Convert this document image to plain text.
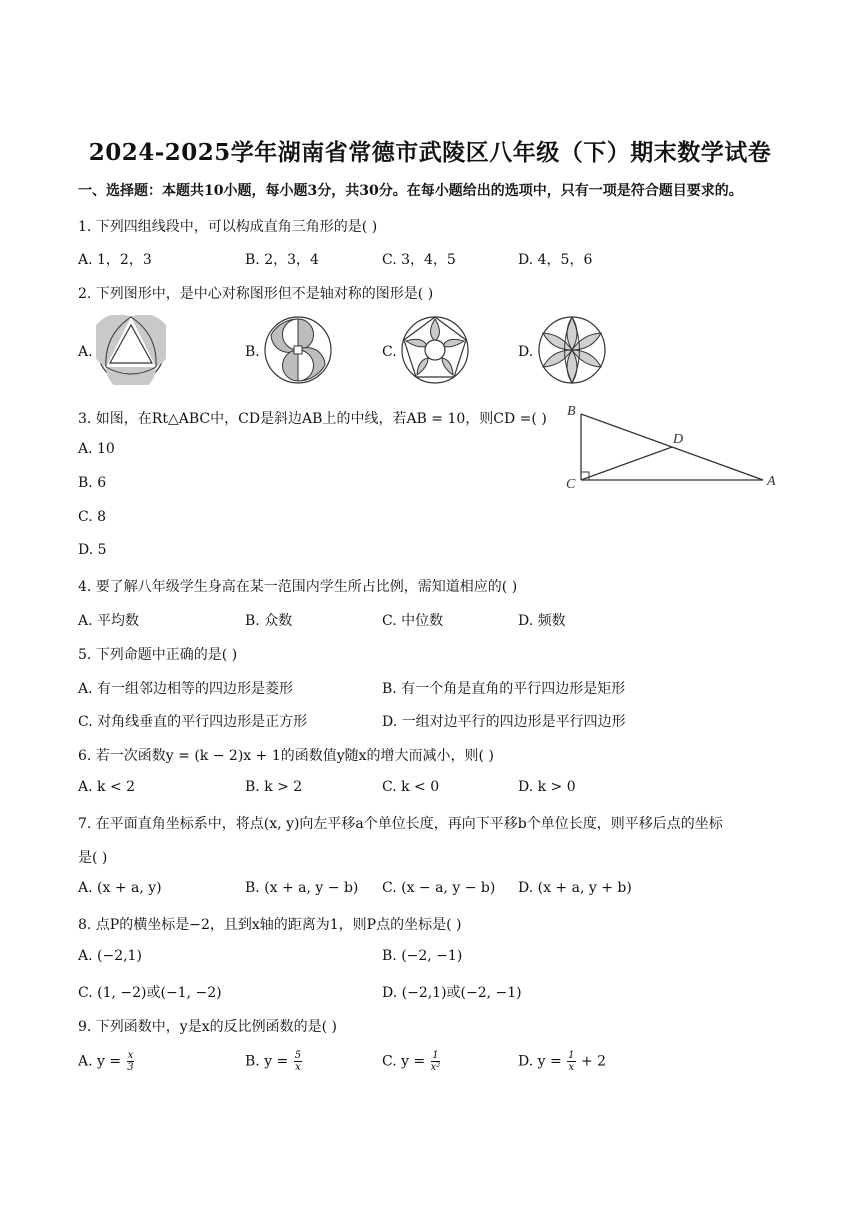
2024-2025学年湖南省常德市武陵区八年级（下）期末数学试卷
一、选择题：本题共10小题，每小题3分，共30分。在每小题给出的选项中，只有一项是符合题目要求的。
1. 下列四组线段中，可以构成直角三角形的是( )
A. 1，2，3	B. 2，3，4	C. 3，4，5	D. 4，5，6
2. 下列图形中，是中心对称图形但不是轴对称的图形是( )
A.	B.	C.	D.
3. 如图，在Rt△ABC中，CD是斜边AB上的中线，若AB = 10，则CD =( )
A. 10
B. 6
C. 8
D. 5
B
D
C	A
4. 要了解八年级学生身高在某一范围内学生所占比例，需知道相应的( )
A. 平均数	B. 众数	C. 中位数	D. 频数
5. 下列命题中正确的是( )
A. 有一组邻边相等的四边形是菱形	B. 有一个角是直角的平行四边形是矩形
C. 对角线垂直的平行四边形是正方形	D. 一组对边平行的四边形是平行四边形
6. 若一次函数y = (k − 2)x + 1的函数值y随x的增大而减小，则( )
A. k < 2	B. k > 2	C. k < 0	D. k > 0
7. 在平面直角坐标系中，将点(x, y)向左平移a个单位长度，再向下平移b个单位长度，则平移后点的坐标
是( )
A. (x + a, y)	B. (x + a, y − b) C. (x − a, y − b) D. (x + a, y + b)
8. 点P的横坐标是−2，且到x轴的距离为1，则P点的坐标是( )
A. (−2,1)	B. (−2, −1)
C. (1, −2)或(−1, −2)	D. (−2,1)或(−2, −1)
9. 下列函数中，y是x的反比例函数的是( )
A. $y = \frac{x}{3}$	B. $y = \frac{5}{x}$	C. $y = \frac{1}{\text{x²}}$	D. $y = \frac{1}{x} + 2$
